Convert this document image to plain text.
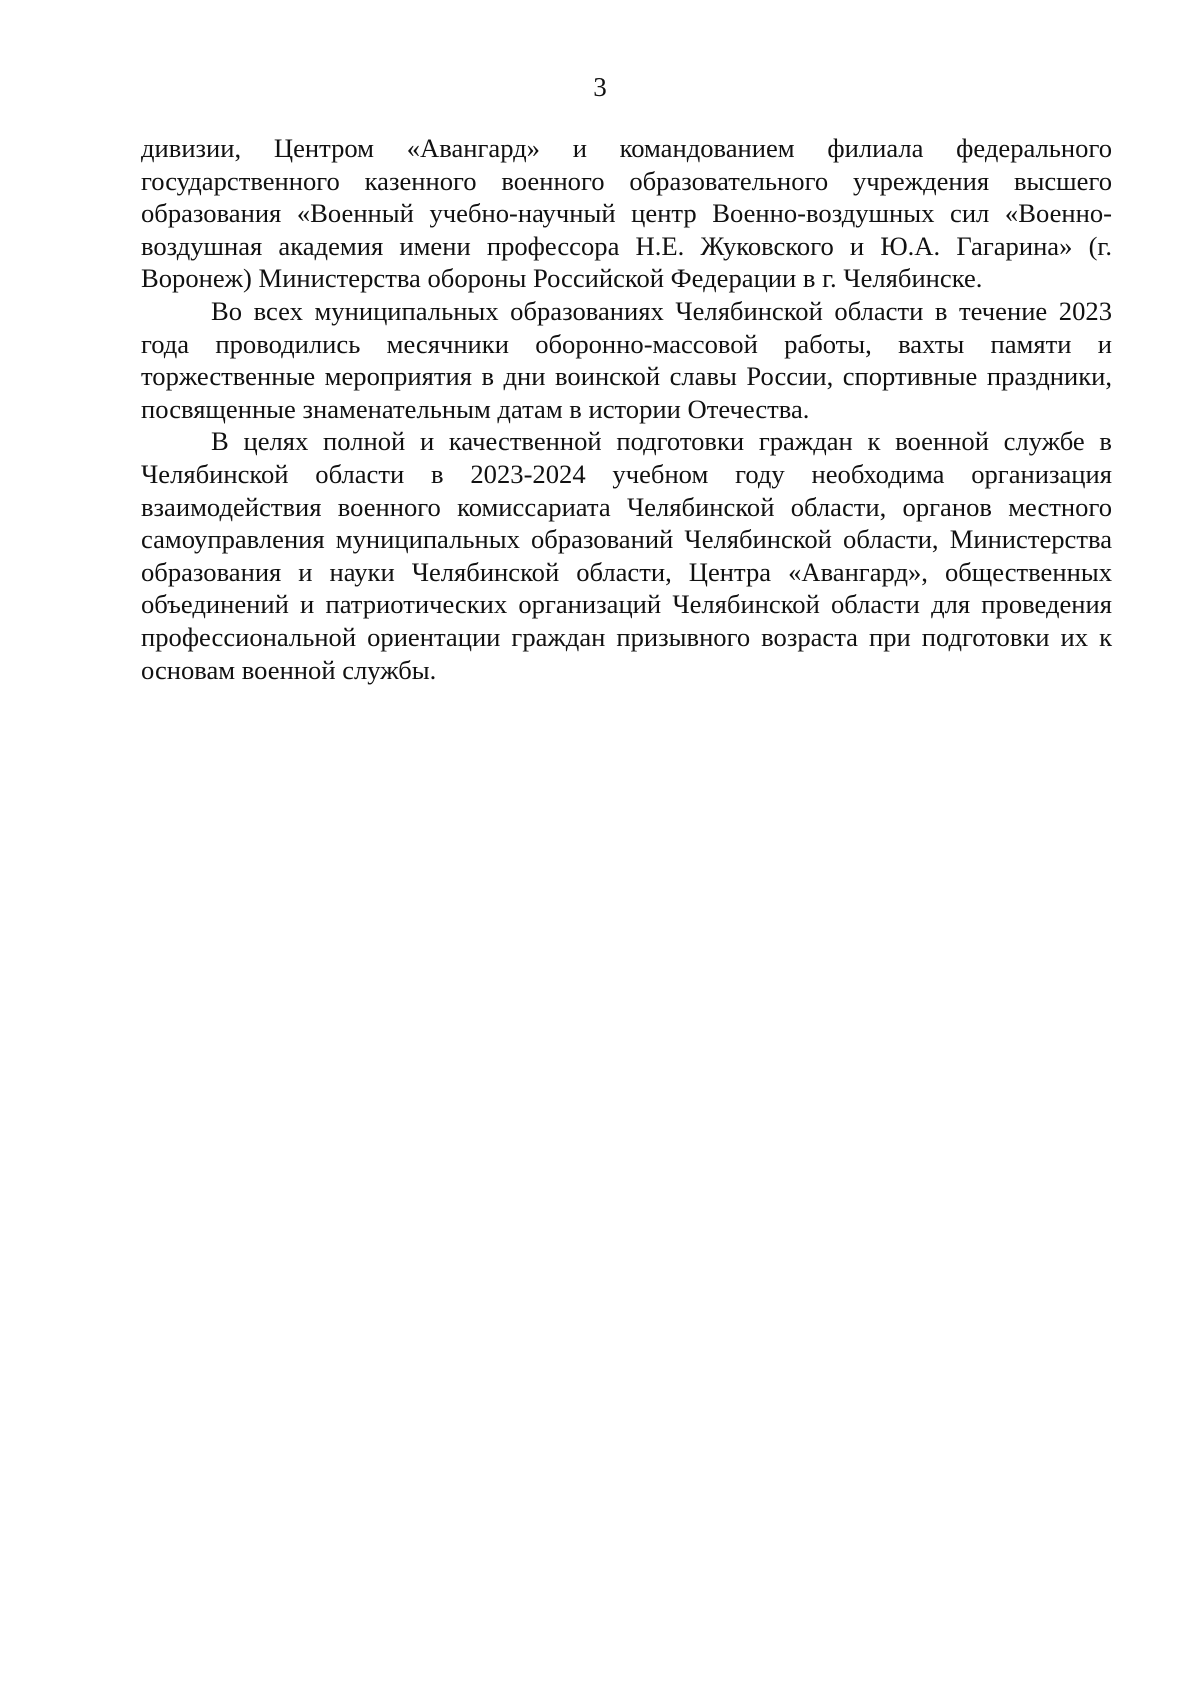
3

дивизии, Центром «Авангард» и командованием филиала федерального государственного казенного военного образовательного учреждения высшего образования «Военный учебно-научный центр Военно-воздушных сил «Военно-воздушная академия имени профессора Н.Е. Жуковского и Ю.А. Гагарина» (г. Воронеж) Министерства обороны Российской Федерации в г. Челябинске.

Во всех муниципальных образованиях Челябинской области в течение 2023 года проводились месячники оборонно-массовой работы, вахты памяти и торжественные мероприятия в дни воинской славы России, спортивные праздники, посвященные знаменательным датам в истории Отечества.

В целях полной и качественной подготовки граждан к военной службе в Челябинской области в 2023-2024 учебном году необходима организация взаимодействия военного комиссариата Челябинской области, органов местного самоуправления муниципальных образований Челябинской области, Министерства образования и науки Челябинской области, Центра «Авангард», общественных объединений и патриотических организаций Челябинской области для проведения профессиональной ориентации граждан призывного возраста при подготовки их к основам военной службы.
